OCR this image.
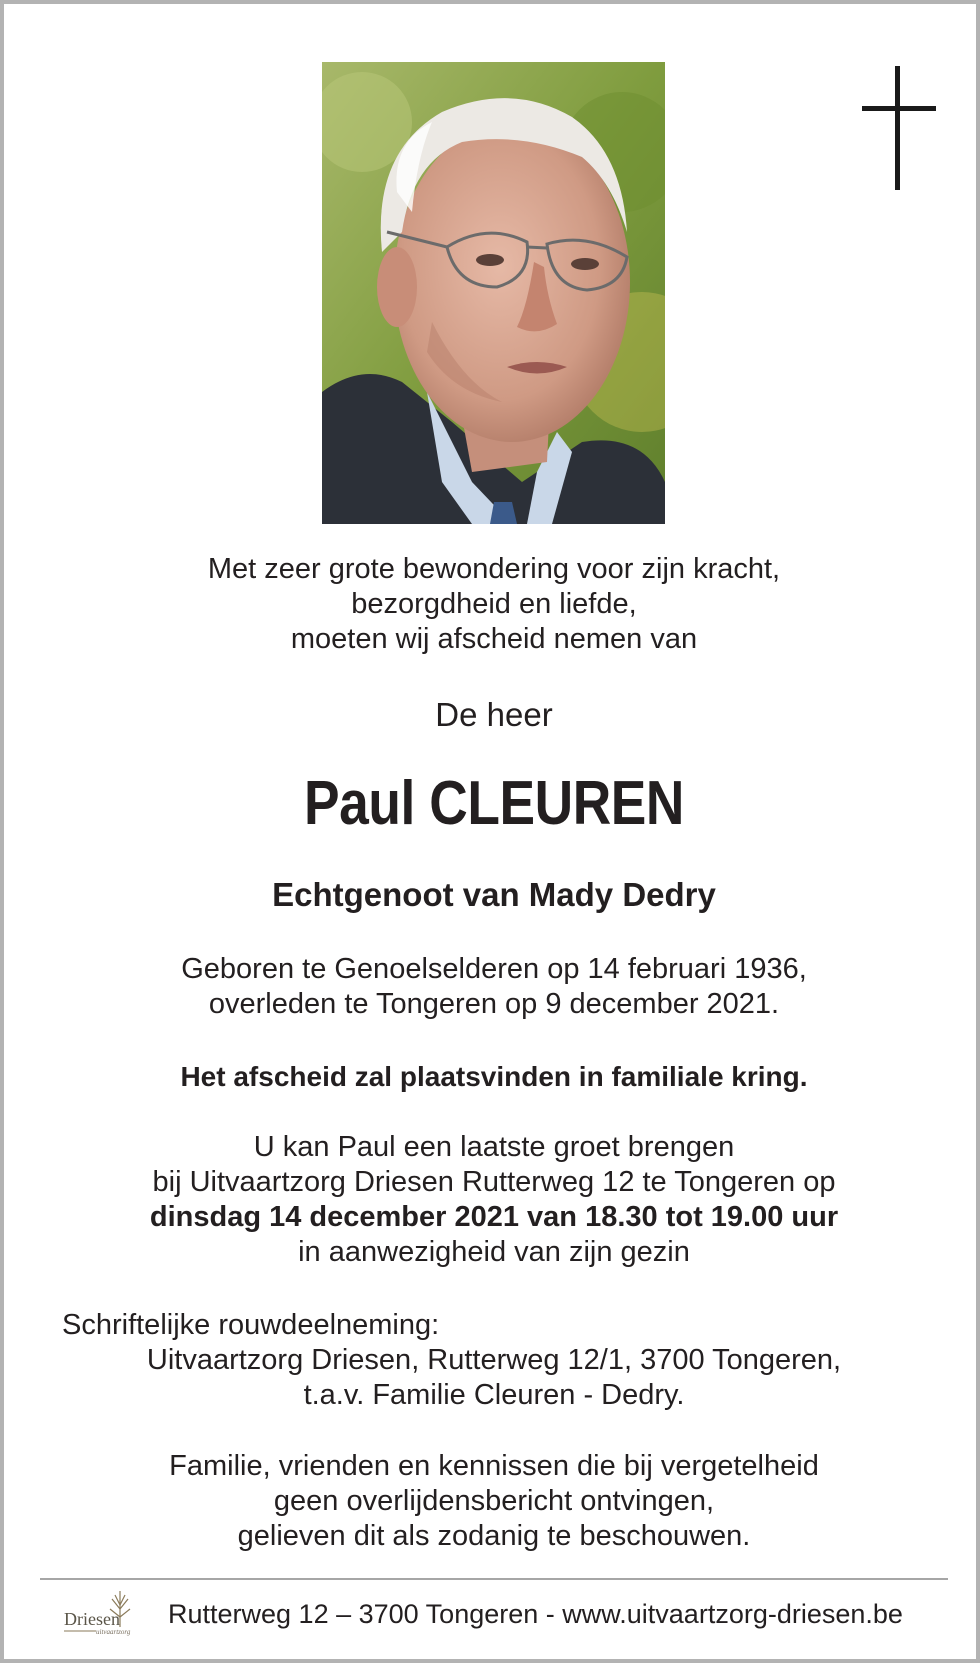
Met zeer grote bewondering voor zijn kracht,
bezorgdheid en liefde,
moeten wij afscheid nemen van
De heer
Paul CLEUREN
Echtgenoot van Mady Dedry
Geboren te Genoelselderen op 14 februari 1936,
overleden te Tongeren op 9 december 2021.
Het afscheid zal plaatsvinden in familiale kring.
U kan Paul een laatste groet brengen
bij Uitvaartzorg Driesen Rutterweg 12 te Tongeren op
dinsdag 14 december 2021 van 18.30 tot 19.00 uur
in aanwezigheid van zijn gezin
Schriftelijke rouwdeelneming:
Uitvaartzorg Driesen, Rutterweg 12/1, 3700 Tongeren,
t.a.v. Familie Cleuren - Dedry.
Familie, vrienden en kennissen die bij vergetelheid
geen overlijdensbericht ontvingen,
gelieven dit als zodanig te beschouwen.
Driesen
uitvaartzorg
Rutterweg 12 – 3700 Tongeren - www.uitvaartzorg-driesen.be
